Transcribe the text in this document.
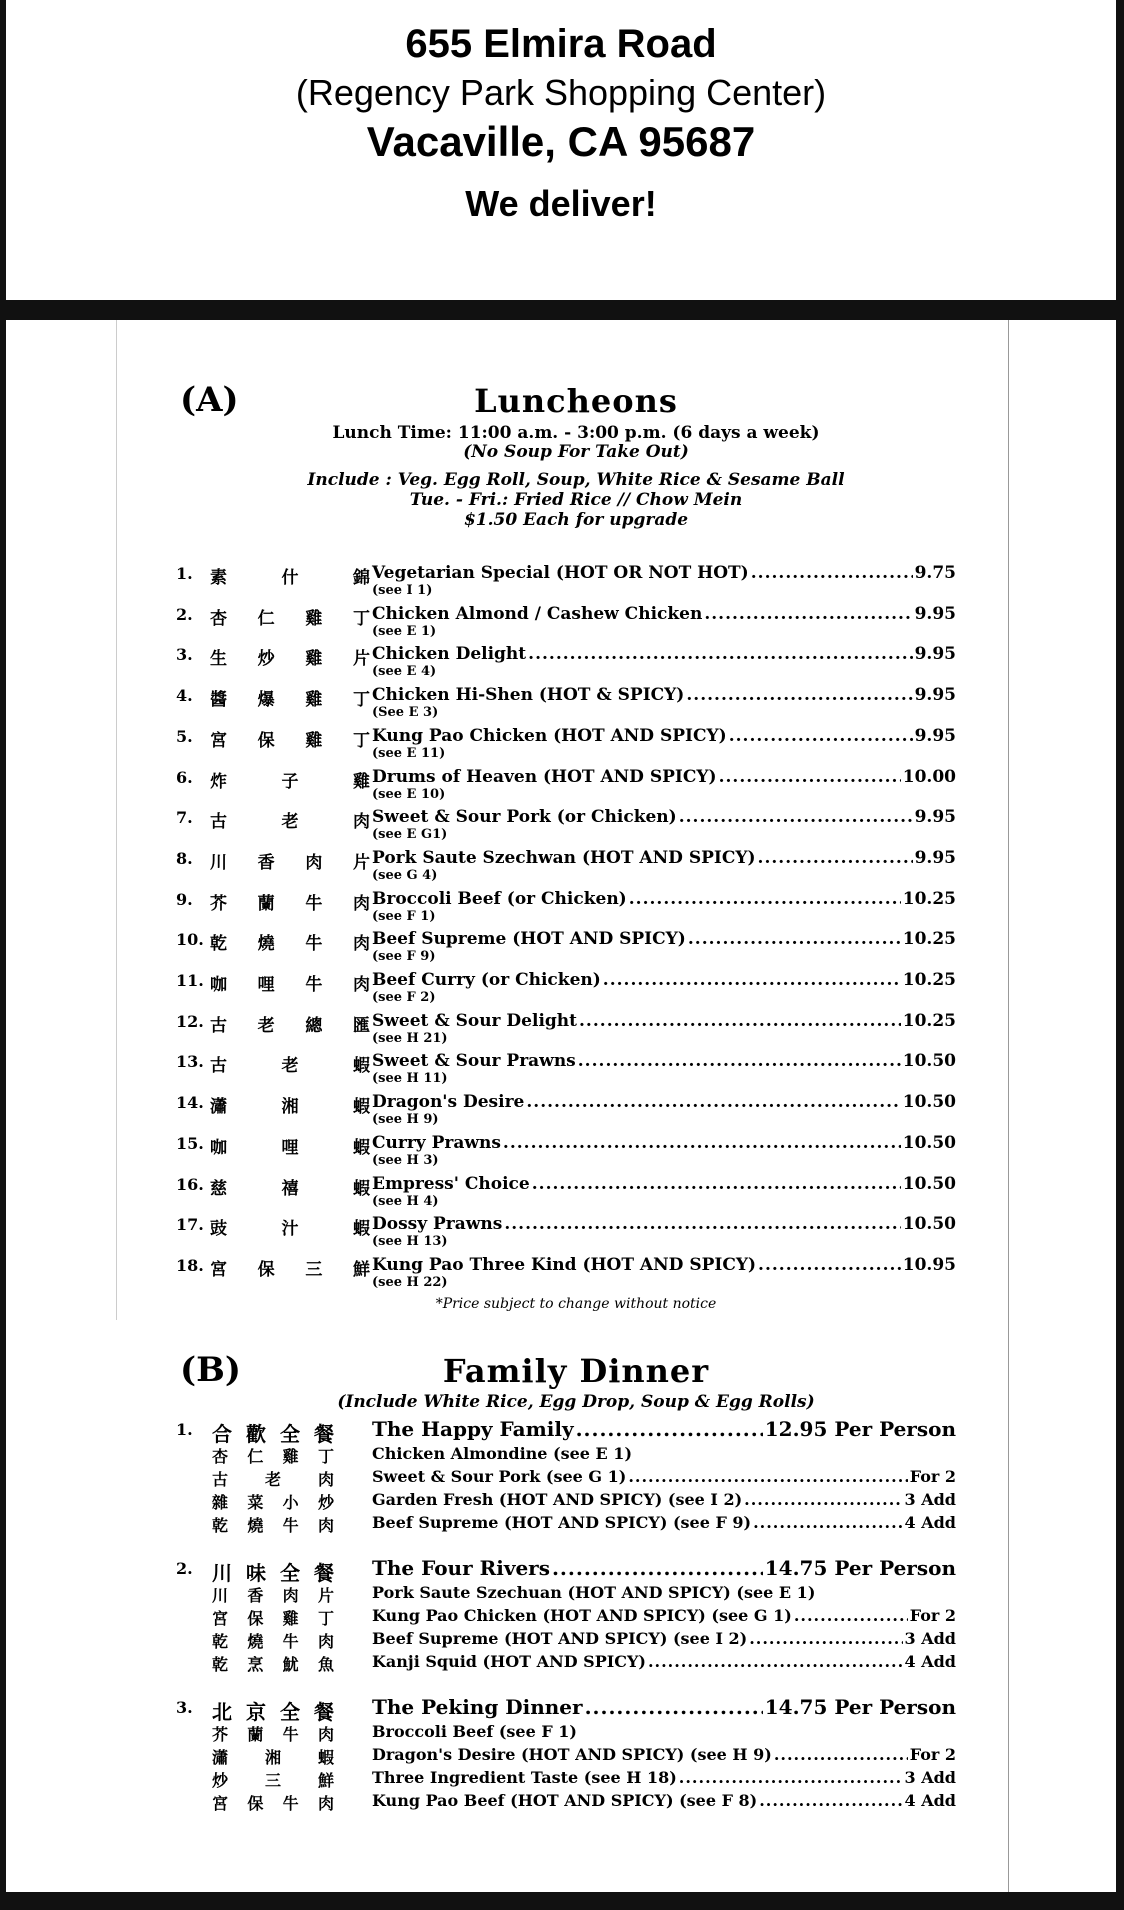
655 Elmira Road
(Regency Park Shopping Center)
Vacaville, CA 95687
We deliver!
(A)	Luncheons
Lunch Time: 11:00 a.m. - 3:00 p.m. (6 days a week)
(No Soup For Take Out)
Include : Veg. Egg Roll, Soup, White Rice & Sesame Ball
Tue. - Fri.: Fried Rice // Chow Mein
$1.50 Each for upgrade
1.	素	什	錦 Vegetarian Special (HOT OR NOT HOT) .....	9.75
(see I 1)
2.	杏 仁 雞 丁 Chicken Almond / Cashew Chicken .....	9.95
(see E 1)
3.	生 炒 雞 片 Chicken Delight .....	9.95
(see E 4)
4.	醬 爆 雞 丁 Chicken Hi-Shen (HOT & SPICY) .....	9.95
(See E 3)
5.	宮 保 雞 丁 Kung Pao Chicken (HOT AND SPICY) .....	9.95
(see E 11)
6.	炸	子	雞 Drums of Heaven (HOT AND SPICY) .....	10.00
(see E 10)
7.	古	老	肉 Sweet & Sour Pork (or Chicken) .....	9.95
(see E G1)
8.	川 香 肉 片 Pork Saute Szechwan (HOT AND SPICY) .....	9.95
(see G 4)
9.	芥 蘭 牛 肉 Broccoli Beef (or Chicken) .....	10.25
(see F 1)
10. 乾 燒 牛 肉 Beef Supreme (HOT AND SPICY) .....	10.25
(see F 9)
11. 咖 哩 牛 肉 Beef Curry (or Chicken) .....	10.25
(see F 2)
12. 古 老 總 匯 Sweet & Sour Delight .....	10.25
(see H 21)
13. 古	老	蝦 Sweet & Sour Prawns .....	10.50
(see H 11)
14. 瀟	湘	蝦 Dragon's Desire .....	10.50
(see H 9)
15. 咖	哩	蝦 Curry Prawns .....	10.50
(see H 3)
16. 慈	禧	蝦 Empress' Choice .....	10.50
(see H 4)
17. 豉	汁	蝦 Dossy Prawns .....	10.50
(see H 13)
18. 宮 保 三 鮮 Kung Pao Three Kind (HOT AND SPICY) .....	10.95
(see H 22)
*Price subject to change without notice
(B)	Family Dinner
(Include White Rice, Egg Drop, Soup & Egg Rolls)
1. 合 歡 全 餐 The Happy Family .....	12.95 Per Person
杏 仁 雞 丁 Chicken Almondine (see E 1)
古 老 肉 Sweet & Sour Pork (see G 1) .....	For 2
雜 菜 小 炒 Garden Fresh (HOT AND SPICY) (see I 2) .....	3 Add
乾 燒 牛 肉 Beef Supreme (HOT AND SPICY) (see F 9) .....	4 Add
2. 川 味 全 餐 The Four Rivers .....	14.75 Per Person
川 香 肉 片 Pork Saute Szechuan (HOT AND SPICY) (see E 1)
宮 保 雞 丁 Kung Pao Chicken (HOT AND SPICY) (see G 1) .....	For 2
乾 燒 牛 肉 Beef Supreme (HOT AND SPICY) (see I 2) .....	3 Add
乾 烹 魷 魚 Kanji Squid (HOT AND SPICY) .....	4 Add
3. 北 京 全 餐 The Peking Dinner .....	14.75 Per Person
芥 蘭 牛 肉 Broccoli Beef (see F 1)
瀟 湘 蝦 Dragon's Desire (HOT AND SPICY) (see H 9) .....	For 2
炒 三 鮮 Three Ingredient Taste (see H 18) .....	3 Add
宮 保 牛 肉 Kung Pao Beef (HOT AND SPICY) (see F 8) .....	4 Add
